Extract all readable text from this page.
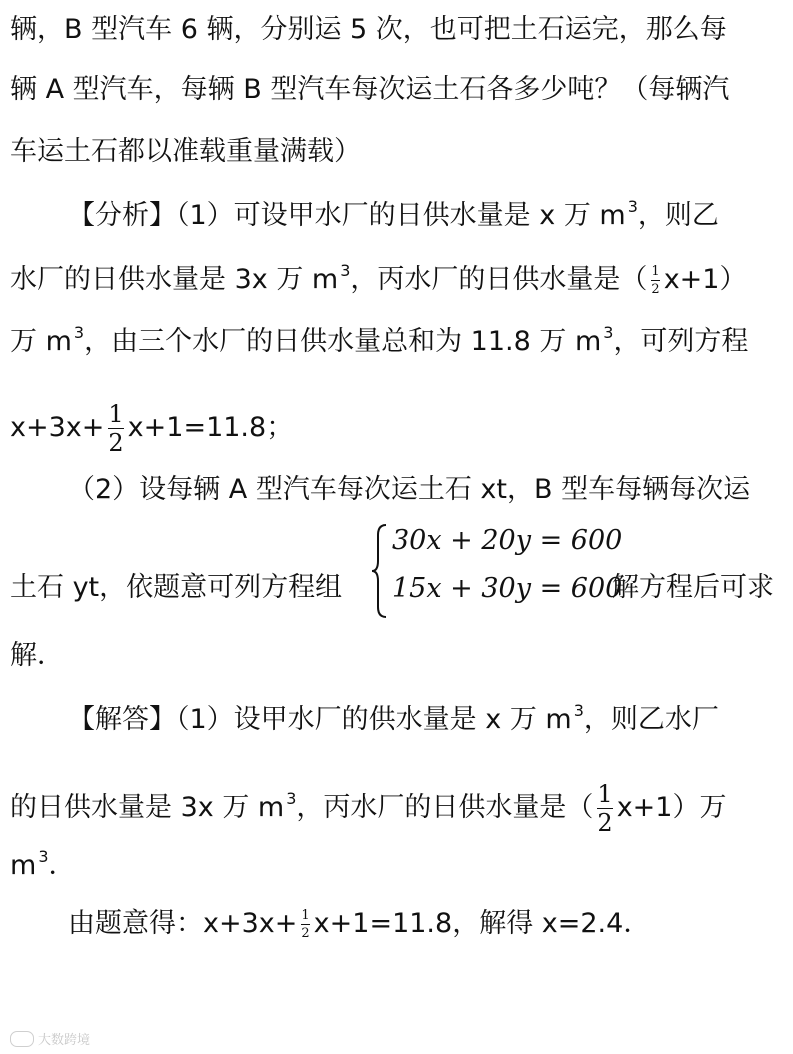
辆，B 型汽车 6 辆，分别运 5 次，也可把土石运完，那么每
辆 A 型汽车，每辆 B 型汽车每次运土石各多少吨？（每辆汽
车运土石都以准载重量满载）
【分析】（1）可设甲水厂的日供水量是 x 万 m $^3$，则乙
水厂的日供水量是 3x 万 m $^3$，丙水厂的日供水量是（ $\frac{1}{2} x+1$）
万 m $^3$，由三个水厂的日供水量总和为 11.8 万 m $^3$，可列方程
$x+3x+ \frac{1}{2} x+1=11.8$；
（2）设每辆 A 型汽车每次运土石 xt，B 型车每辆每次运
土石 yt，依题意可列方程组
30x + 20y = 600
15x + 30y = 600
解方程后可求
解．
【解答】（1）设甲水厂的供水量是 x 万 m $^3$，则乙水厂
的日供水量是 3x 万 m $^3$，丙水厂的日供水量是（ $\frac{1}{2} x+1$）万
m $^3$．
由题意得：$x+3x+ \frac{1}{2} x+1=11.8$，解得 x=2.4．
大数跨境
